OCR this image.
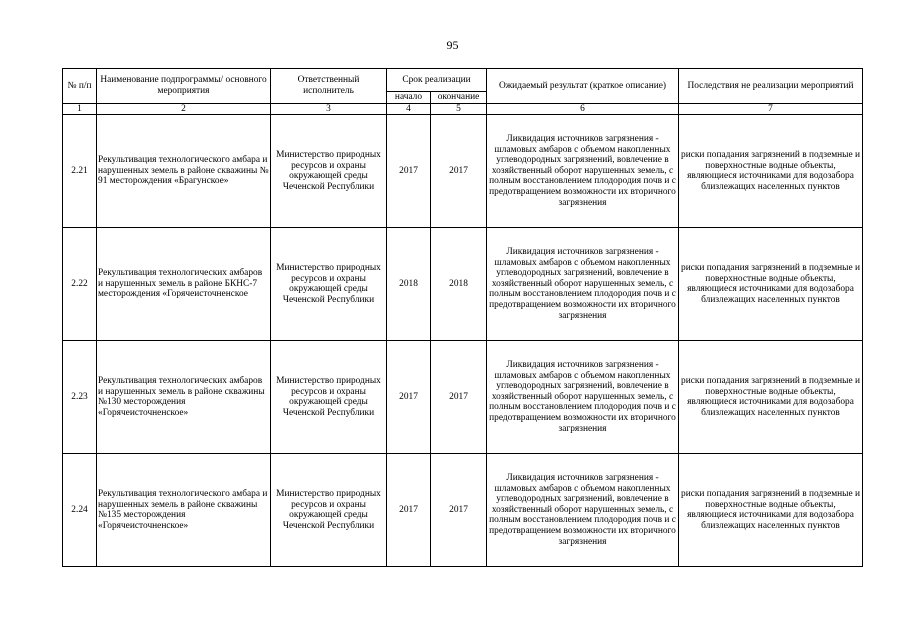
95
№ п/п	Наименование подпрограммы/ основного мероприятия	Ответственный исполнитель	Срок реализации		Ожидаемый результат (краткое описание)	Последствия не реализации мероприятий
			начало	окончание		
1	2	3	4	5	6	7
2.21	Рекультивация технологического амбара и нарушенных земель в районе скважины № 91 месторождения «Брагунское»	Министерство природных ресурсов и охраны окружающей среды Чеченской Республики	2017	2017	Ликвидация источников загрязнения - шламовых амбаров с объемом накопленных углеводородных загрязнений, вовлечение в хозяйственный оборот нарушенных земель, с полным восстановлением плодородия почв и с предотвращением возможности их вторичного загрязнения	риски попадания загрязнений в подземные и поверхностные водные объекты, являющиеся источниками для водозабора близлежащих населенных пунктов
2.22	Рекультивация технологических амбаров и нарушенных земель в районе БКНС-7 месторождения «Горячеисточненское	Министерство природных ресурсов и охраны окружающей среды Чеченской Республики	2018	2018	Ликвидация источников загрязнения - шламовых амбаров с объемом накопленных углеводородных загрязнений, вовлечение в хозяйственный оборот нарушенных земель, с полным восстановлением плодородия почв и с предотвращением возможности их вторичного загрязнения	риски попадания загрязнений в подземные и поверхностные водные объекты, являющиеся источниками для водозабора близлежащих населенных пунктов
2.23	Рекультивация технологических амбаров и нарушенных земель в районе скважины №130 месторождения «Горячеисточненское»	Министерство природных ресурсов и охраны окружающей среды Чеченской Республики	2017	2017	Ликвидация источников загрязнения - шламовых амбаров с объемом накопленных углеводородных загрязнений, вовлечение в хозяйственный оборот нарушенных земель, с полным восстановлением плодородия почв и с предотвращением возможности их вторичного загрязнения	риски попадания загрязнений в подземные и поверхностные водные объекты, являющиеся источниками для водозабора близлежащих населенных пунктов
2.24	Рекультивация технологического амбара и нарушенных земель в районе скважины №135 месторождения «Горячеисточненское»	Министерство природных ресурсов и охраны окружающей среды Чеченской Республики	2017	2017	Ликвидация источников загрязнения - шламовых амбаров с объемом накопленных углеводородных загрязнений, вовлечение в хозяйственный оборот нарушенных земель, с полным восстановлением плодородия почв и с предотвращением возможности их вторичного загрязнения	риски попадания загрязнений в подземные и поверхностные водные объекты, являющиеся источниками для водозабора близлежащих населенных пунктов
